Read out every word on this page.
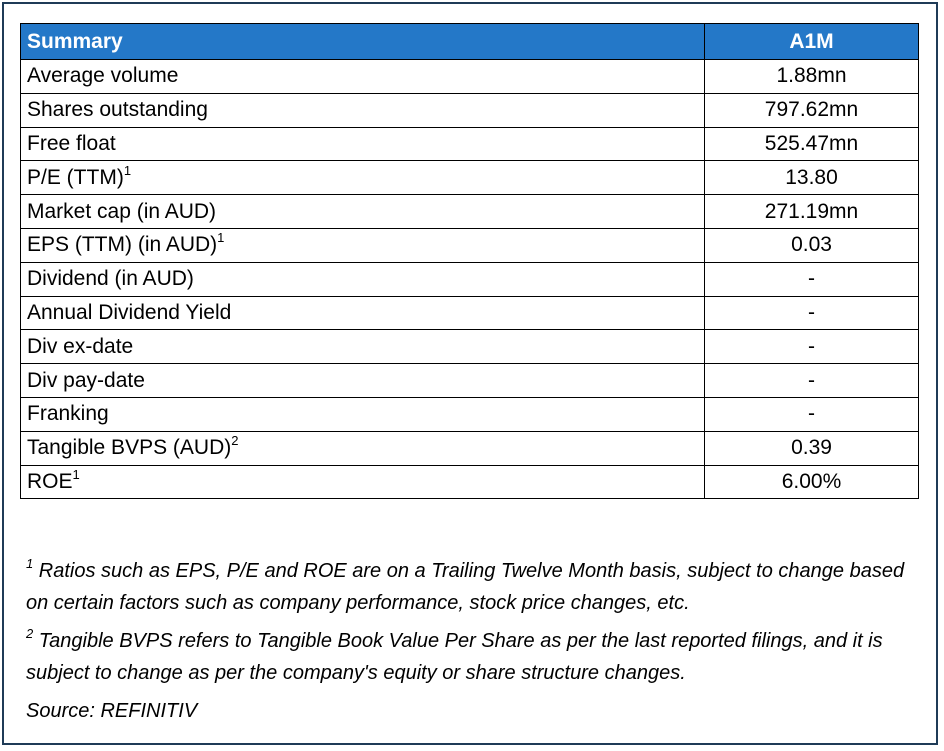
Summary	A1M
Average volume	1.88mn
Shares outstanding	797.62mn
Free float	525.47mn
P/E (TTM)$^1$	13.80
Market cap (in AUD)	271.19mn
EPS (TTM) (in AUD)$^1$	0.03
Dividend (in AUD)	-
Annual Dividend Yield	-
Div ex-date	-
Div pay-date	-
Franking	-
Tangible BVPS (AUD)$^2$	0.39
ROE$^1$	6.00%

$^1$ Ratios such as EPS, P/E and ROE are on a Trailing Twelve Month basis, subject to change based on certain factors such as company performance, stock price changes, etc.

$^2$ Tangible BVPS refers to Tangible Book Value Per Share as per the last reported filings, and it is subject to change as per the company's equity or share structure changes.

Source: REFINITIV
